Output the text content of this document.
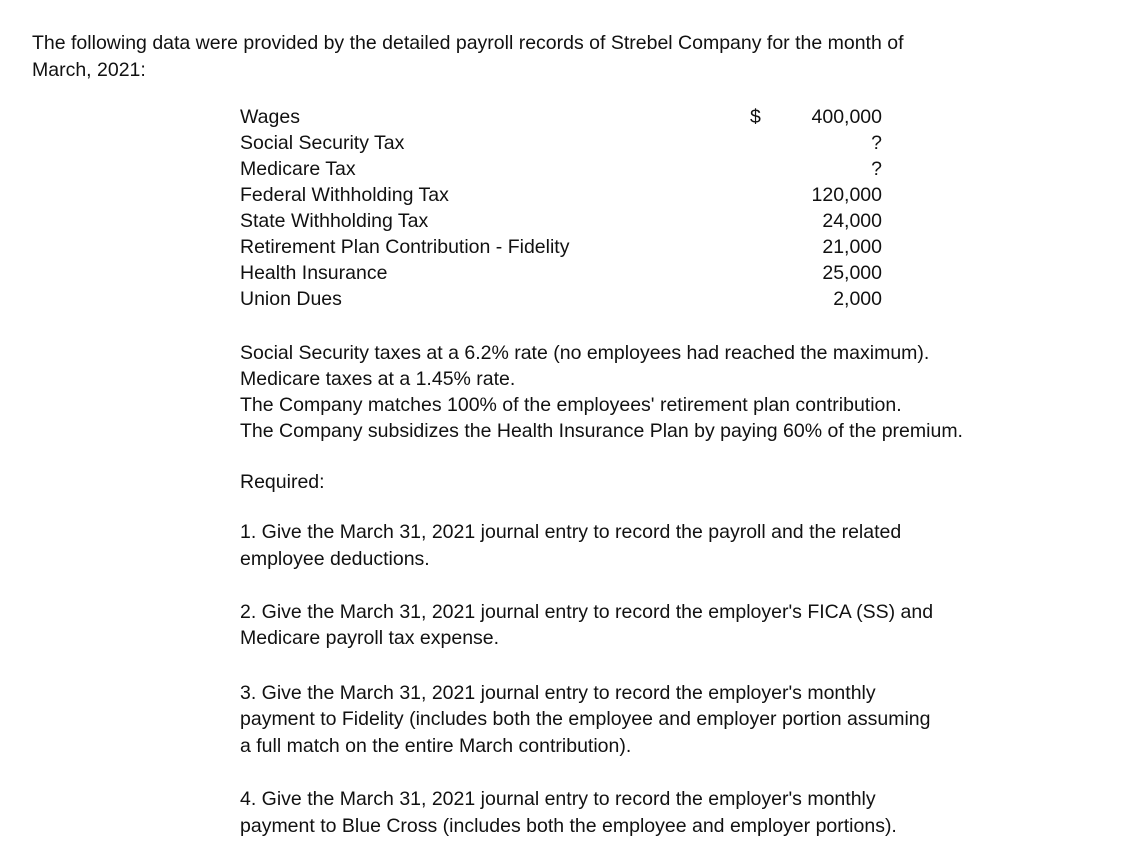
The following data were provided by the detailed payroll records of Strebel Company for the month of
March, 2021:
Wages	$	400,000
Social Security Tax	?
Medicare Tax	?
Federal Withholding Tax	120,000
State Withholding Tax	24,000
Retirement Plan Contribution - Fidelity	21,000
Health Insurance	25,000
Union Dues	2,000
Social Security taxes at a 6.2% rate (no employees had reached the maximum).
Medicare taxes at a 1.45% rate.
The Company matches 100% of the employees' retirement plan contribution.
The Company subsidizes the Health Insurance Plan by paying 60% of the premium.
Required:
1. Give the March 31, 2021 journal entry to record the payroll and the related
employee deductions.
2. Give the March 31, 2021 journal entry to record the employer's FICA (SS) and
Medicare payroll tax expense.
3. Give the March 31, 2021 journal entry to record the employer's monthly
payment to Fidelity (includes both the employee and employer portion assuming
a full match on the entire March contribution).
4. Give the March 31, 2021 journal entry to record the employer's monthly
payment to Blue Cross (includes both the employee and employer portions).
